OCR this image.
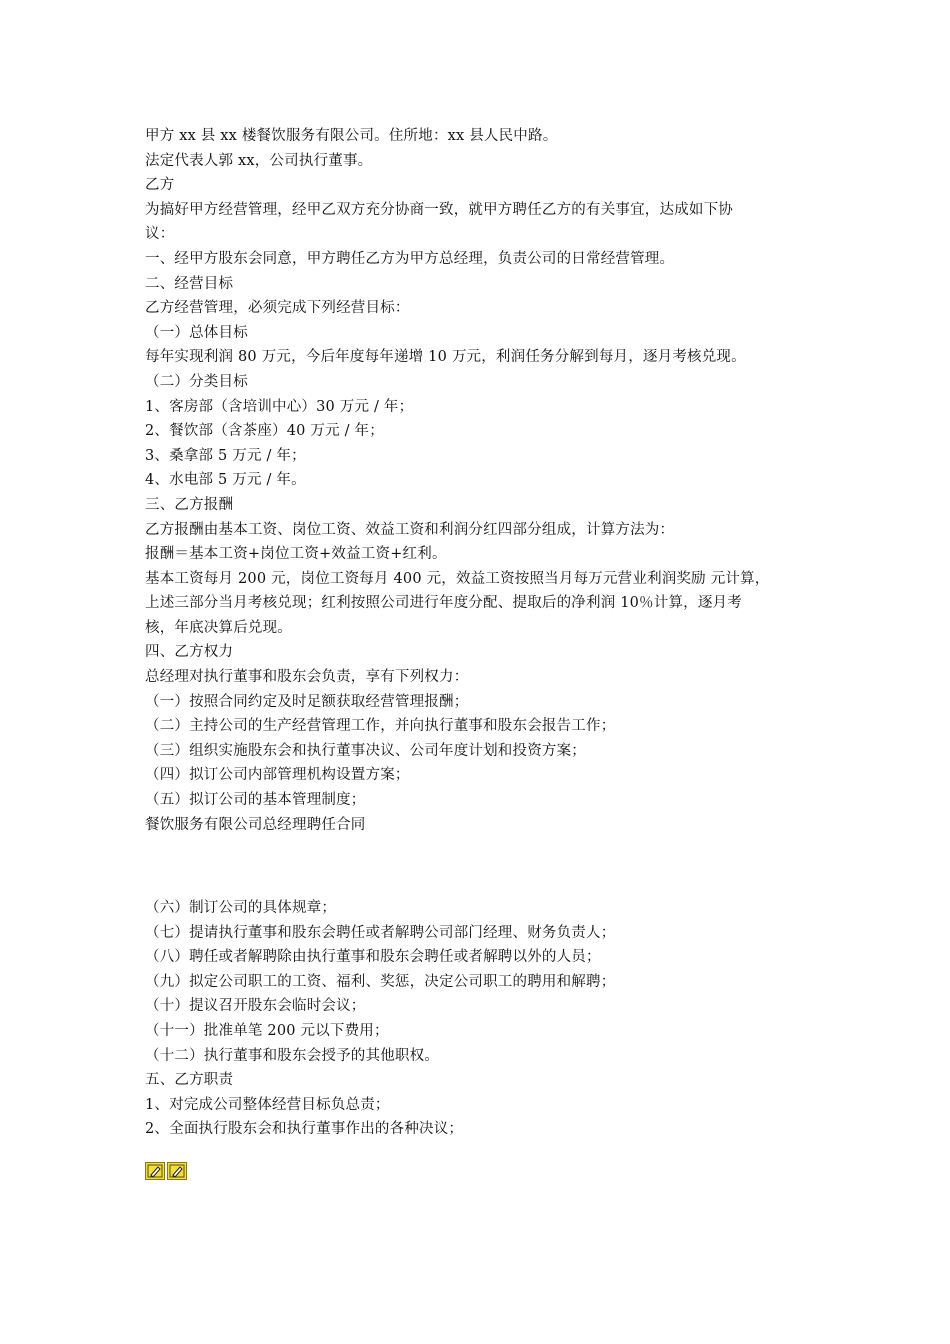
甲方 xx 县 xx 楼餐饮服务有限公司。住所地：xx 县人民中路。
法定代表人郭 xx，公司执行董事。
乙方
为搞好甲方经营管理，经甲乙双方充分协商一致，就甲方聘任乙方的有关事宜，达成如下协
议：
一、经甲方股东会同意，甲方聘任乙方为甲方总经理，负责公司的日常经营管理。
二、经营目标
乙方经营管理，必须完成下列经营目标：
（一）总体目标
每年实现利润 80 万元，今后年度每年递增 10 万元，利润任务分解到每月，逐月考核兑现。
（二）分类目标
1、客房部（含培训中心）30 万元 / 年；
2、餐饮部（含茶座）40 万元 / 年；
3、桑拿部 5 万元 / 年；
4、水电部 5 万元 / 年。
三、乙方报酬
乙方报酬由基本工资、岗位工资、效益工资和利润分红四部分组成，计算方法为：
报酬＝基本工资+岗位工资+效益工资+红利。
基本工资每月 200 元，岗位工资每月 400 元，效益工资按照当月每万元营业利润奖励 元计算，
上述三部分当月考核兑现；红利按照公司进行年度分配、提取后的净利润 10％计算，逐月考
核，年底决算后兑现。
四、乙方权力
总经理对执行董事和股东会负责，享有下列权力：
（一）按照合同约定及时足额获取经营管理报酬；
（二）主持公司的生产经营管理工作，并向执行董事和股东会报告工作；
（三）组织实施股东会和执行董事决议、公司年度计划和投资方案；
（四）拟订公司内部管理机构设置方案；
（五）拟订公司的基本管理制度；
餐饮服务有限公司总经理聘任合同
（六）制订公司的具体规章；
（七）提请执行董事和股东会聘任或者解聘公司部门经理、财务负责人；
（八）聘任或者解聘除由执行董事和股东会聘任或者解聘以外的人员；
（九）拟定公司职工的工资、福利、奖惩，决定公司职工的聘用和解聘；
（十）提议召开股东会临时会议；
（十一）批准单笔 200 元以下费用；
（十二）执行董事和股东会授予的其他职权。
五、乙方职责
1、对完成公司整体经营目标负总责；
2、全面执行股东会和执行董事作出的各种决议；
